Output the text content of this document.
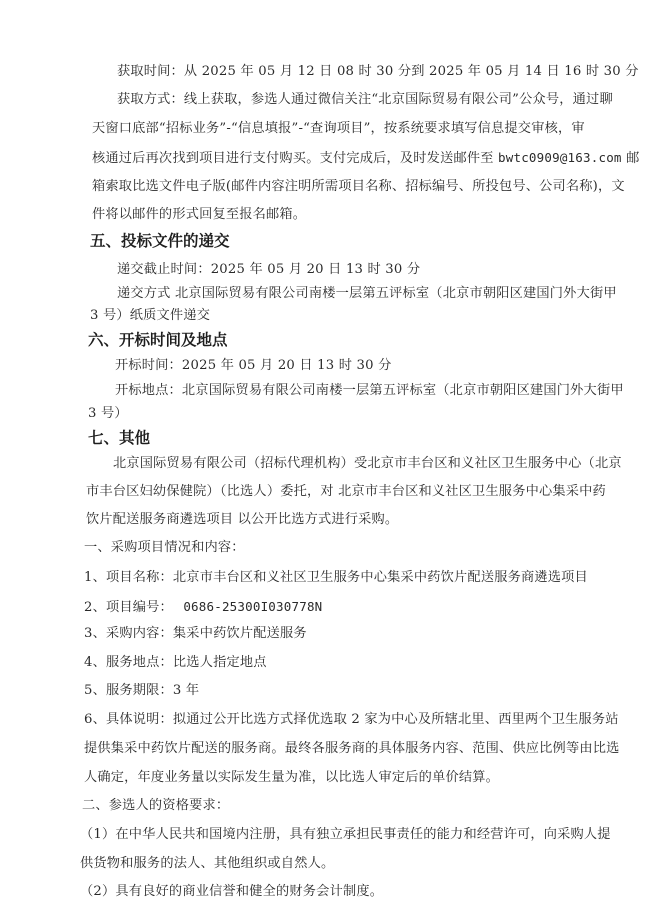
获取时间：从 2025 年 05 月 12 日 08 时 30 分到 2025 年 05 月 14 日 16 时 30 分
获取方式：线上获取，参选人通过微信关注“北京国际贸易有限公司”公众号，通过聊
天窗口底部“招标业务”-“信息填报”-“查询项目”，按系统要求填写信息提交审核，审
核通过后再次找到项目进行支付购买。支付完成后，及时发送邮件至 bwtc0909@163.com 邮
箱索取比选文件电子版(邮件内容注明所需项目名称、招标编号、所投包号、公司名称)，文
件将以邮件的形式回复至报名邮箱。
五、投标文件的递交
递交截止时间：2025 年 05 月 20 日 13 时 30 分
递交方式 北京国际贸易有限公司南楼一层第五评标室（北京市朝阳区建国门外大街甲
3 号）纸质文件递交
六、开标时间及地点
开标时间：2025 年 05 月 20 日 13 时 30 分
开标地点：北京国际贸易有限公司南楼一层第五评标室（北京市朝阳区建国门外大街甲
3 号）
七、其他
北京国际贸易有限公司（招标代理机构）受北京市丰台区和义社区卫生服务中心（北京
市丰台区妇幼保健院）（比选人）委托，对 北京市丰台区和义社区卫生服务中心集采中药
饮片配送服务商遴选项目 以公开比选方式进行采购。
一、采购项目情况和内容：
1、项目名称：北京市丰台区和义社区卫生服务中心集采中药饮片配送服务商遴选项目
2、项目编号： 0686-25300I030778N
3、采购内容：集采中药饮片配送服务
4、服务地点：比选人指定地点
5、服务期限：3 年
6、具体说明：拟通过公开比选方式择优选取 2 家为中心及所辖北里、西里两个卫生服务站
提供集采中药饮片配送的服务商。最终各服务商的具体服务内容、范围、供应比例等由比选
人确定，年度业务量以实际发生量为准，以比选人审定后的单价结算。
二、参选人的资格要求：
（1）在中华人民共和国境内注册，具有独立承担民事责任的能力和经营许可，向采购人提
供货物和服务的法人、其他组织或自然人。
（2）具有良好的商业信誉和健全的财务会计制度。
